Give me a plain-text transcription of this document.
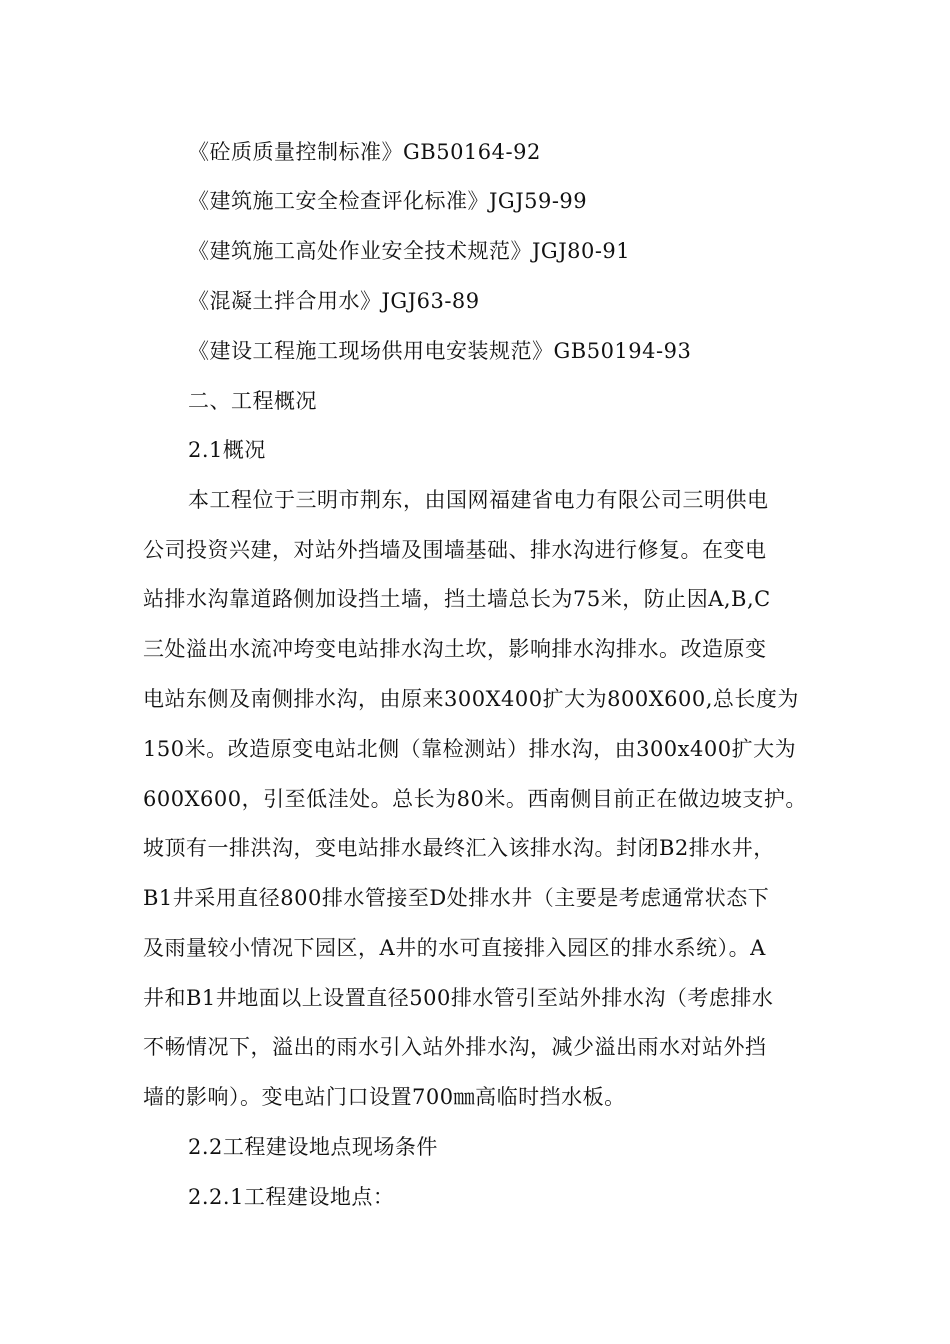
《砼质质量控制标准》GB50164-92
《建筑施工安全检查评化标准》JGJ59-99
《建筑施工高处作业安全技术规范》JGJ80-91
《混凝土拌合用水》JGJ63-89
《建设工程施工现场供用电安装规范》GB50194-93
二、工程概况
2.1概况
本工程位于三明市荆东，由国网福建省电力有限公司三明供电
公司投资兴建，对站外挡墙及围墙基础、排水沟进行修复。在变电
站排水沟靠道路侧加设挡土墙，挡土墙总长为75米，防止因A,B,C
三处溢出水流冲垮变电站排水沟土坎，影响排水沟排水。改造原变
电站东侧及南侧排水沟，由原来300X400扩大为800X600,总长度为
150米。改造原变电站北侧（靠检测站）排水沟，由300x400扩大为
600X600，引至低洼处。总长为80米。西南侧目前正在做边坡支护。
坡顶有一排洪沟，变电站排水最终汇入该排水沟。封闭B2排水井，
B1井采用直径800排水管接至D处排水井（主要是考虑通常状态下
及雨量较小情况下园区，A井的水可直接排入园区的排水系统）。A
井和B1井地面以上设置直径500排水管引至站外排水沟（考虑排水
不畅情况下，溢出的雨水引入站外排水沟，减少溢出雨水对站外挡
墙的影响）。变电站门口设置700㎜高临时挡水板。
2.2工程建设地点现场条件
2.2.1工程建设地点：
